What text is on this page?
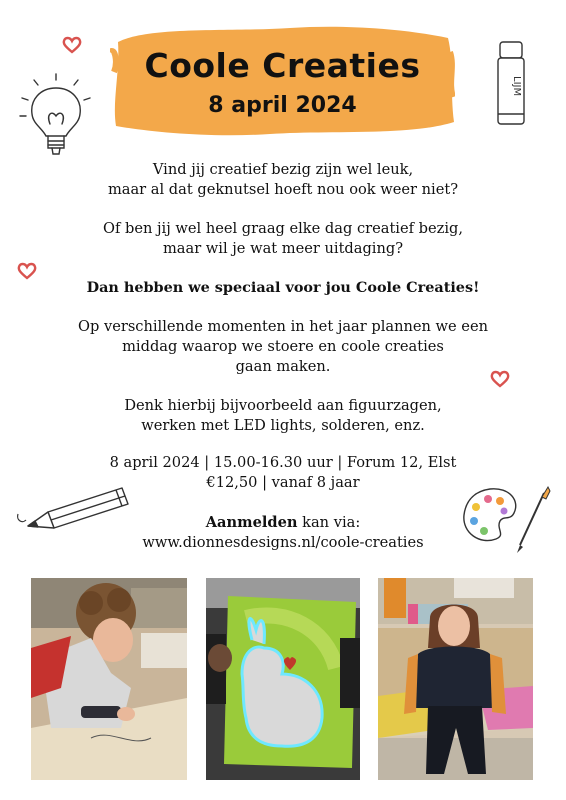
Coole Creaties
8 april 2024
LIJM
Vind jij creatief bezig zijn wel leuk,
maar al dat geknutsel hoeft nou ook weer niet?
Of ben jij wel heel graag elke dag creatief bezig,
maar wil je wat meer uitdaging?
Dan hebben we speciaal voor jou Coole Creaties!
Op verschillende momenten in het jaar plannen we een
middag waarop we stoere en coole creaties
gaan maken.
Denk hierbij bijvoorbeeld aan figuurzagen,
werken met LED lights, solderen, enz.
8 april 2024 | 15.00-16.30 uur | Forum 12, Elst
€12,50 | vanaf 8 jaar
Aanmelden kan via:
www.dionnesdesigns.nl/coole-creaties
